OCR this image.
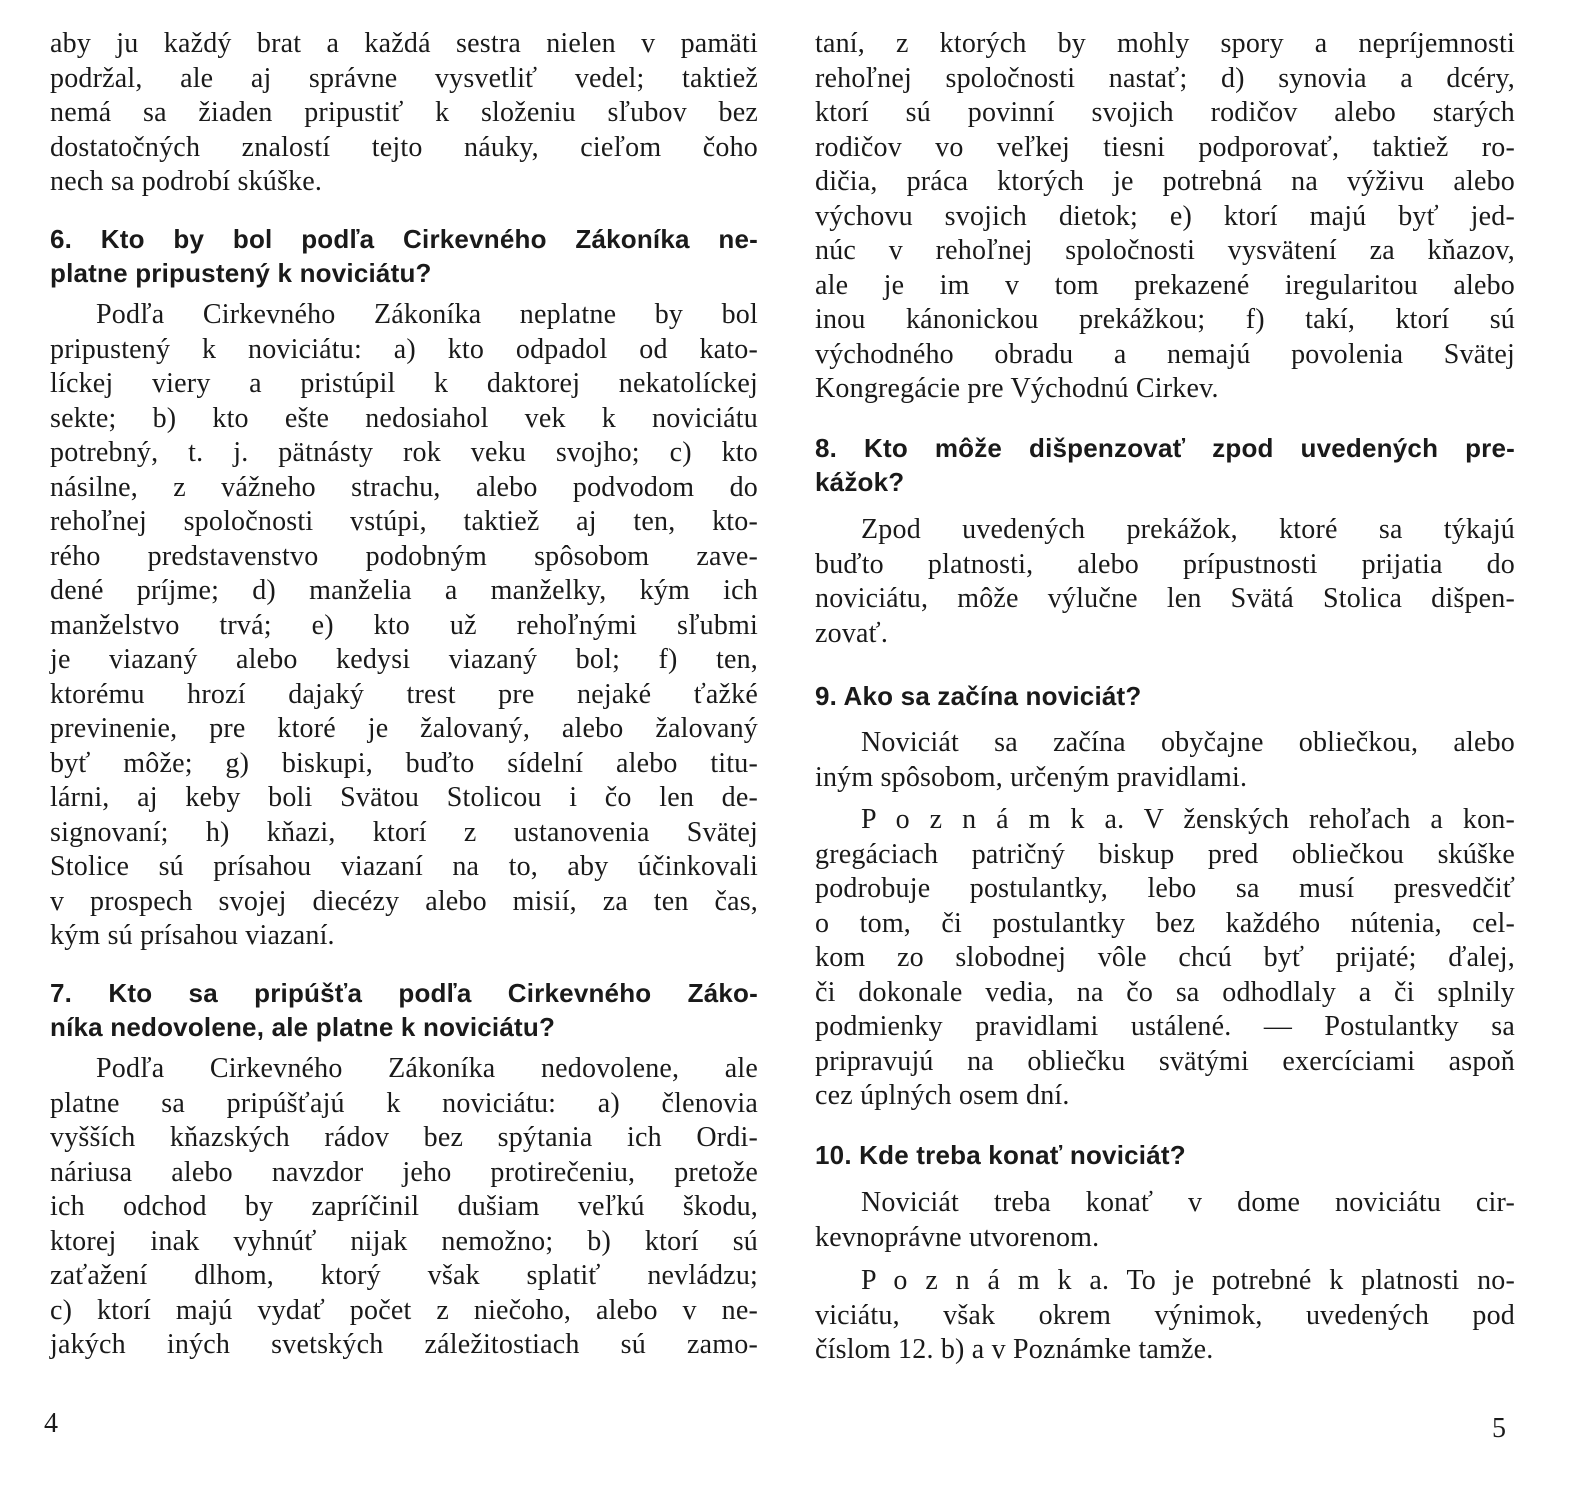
aby ju každý brat a každá sestra nielen v pamäti
podržal, ale aj správne vysvetliť vedel; taktiež
nemá sa žiaden pripustiť k složeniu sľubov bez
dostatočných znalostí tejto náuky, cieľom čoho
nech sa podrobí skúške.
6. Kto by bol podľa Cirkevného Zákoníka ne-
platne pripustený k noviciátu?
Podľa Cirkevného Zákoníka neplatne by bol
pripustený k noviciátu: a) kto odpadol od kato-
líckej viery a pristúpil k daktorej nekatolíckej
sekte; b) kto ešte nedosiahol vek k noviciátu
potrebný, t. j. pätnásty rok veku svojho; c) kto
násilne, z vážneho strachu, alebo podvodom do
rehoľnej spoločnosti vstúpi, taktiež aj ten, kto-
rého predstavenstvo podobným spôsobom zave-
dené príjme; d) manželia a manželky, kým ich
manželstvo trvá; e) kto už rehoľnými sľubmi
je viazaný alebo kedysi viazaný bol; f) ten,
ktorému hrozí dajaký trest pre nejaké ťažké
previnenie, pre ktoré je žalovaný, alebo žalovaný
byť môže; g) biskupi, buďto sídelní alebo titu-
lárni, aj keby boli Svätou Stolicou i čo len de-
signovaní; h) kňazi, ktorí z ustanovenia Svätej
Stolice sú prísahou viazaní na to, aby účinkovali
v prospech svojej diecézy alebo misií, za ten čas,
kým sú prísahou viazaní.
7. Kto sa pripúšťa podľa Cirkevného Záko-
níka nedovolene, ale platne k noviciátu?
Podľa Cirkevného Zákoníka nedovolene, ale
platne sa pripúšťajú k noviciátu: a) členovia
vyšších kňazských rádov bez spýtania ich Ordi-
náriusa alebo navzdor jeho protirečeniu, pretože
ich odchod by zapríčinil dušiam veľkú škodu,
ktorej inak vyhnúť nijak nemožno; b) ktorí sú
zaťažení dlhom, ktorý však splatiť nevládzu;
c) ktorí majú vydať počet z niečoho, alebo v ne-
jakých iných svetských záležitostiach sú zamo-
taní, z ktorých by mohly spory a nepríjemnosti
rehoľnej spoločnosti nastať; d) synovia a dcéry,
ktorí sú povinní svojich rodičov alebo starých
rodičov vo veľkej tiesni podporovať, taktiež ro-
dičia, práca ktorých je potrebná na výživu alebo
výchovu svojich dietok; e) ktorí majú byť jed-
núc v rehoľnej spoločnosti vysvätení za kňazov,
ale je im v tom prekazené iregularitou alebo
inou kánonickou prekážkou; f) takí, ktorí sú
východného obradu a nemajú povolenia Svätej
Kongregácie pre Východnú Cirkev.
8. Kto môže dišpenzovať zpod uvedených pre-
kážok?
Zpod uvedených prekážok, ktoré sa týkajú
buďto platnosti, alebo prípustnosti prijatia do
noviciátu, môže výlučne len Svätá Stolica dišpen-
zovať.
9. Ako sa začína noviciát?
Noviciát sa začína obyčajne obliečkou, alebo
iným spôsobom, určeným pravidlami.
P o z n á m k a. V ženských rehoľach a kon-
gregáciach patričný biskup pred obliečkou skúške
podrobuje postulantky, lebo sa musí presvedčiť
o tom, či postulantky bez každého nútenia, cel-
kom zo slobodnej vôle chcú byť prijaté; ďalej,
či dokonale vedia, na čo sa odhodlaly a či splnily
podmienky pravidlami ustálené. — Postulantky sa
pripravujú na obliečku svätými exercíciami aspoň
cez úplných osem dní.
10. Kde treba konať noviciát?
Noviciát treba konať v dome noviciátu cir-
kevnoprávne utvorenom.
P o z n á m k a. To je potrebné k platnosti no-
viciátu, však okrem výnimok, uvedených pod
číslom 12. b) a v Poznámke tamže.
4	5
